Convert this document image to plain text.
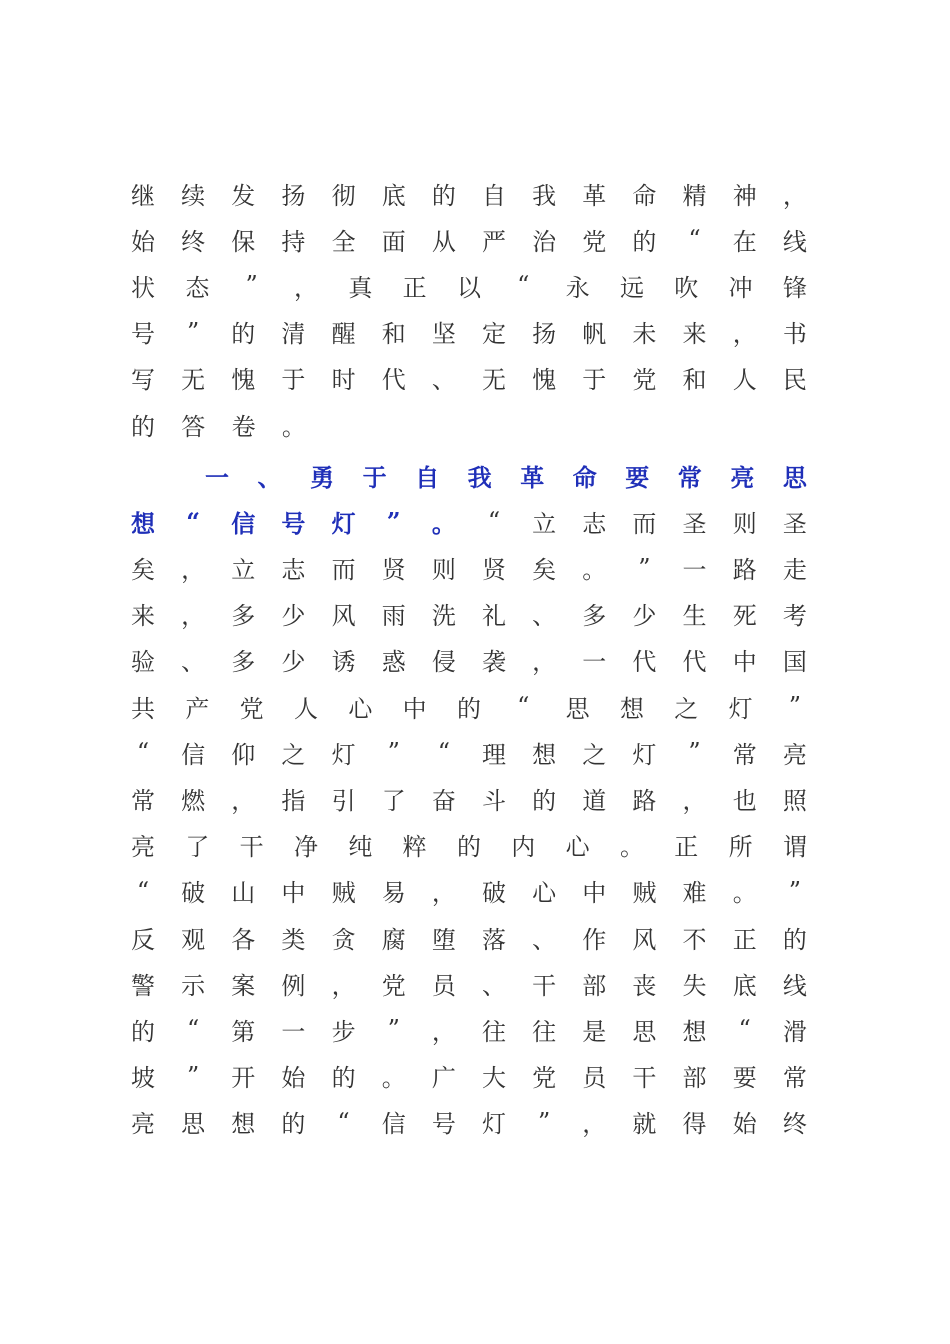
继 续 发 扬 彻 底 的 自 我 革 命 精 神 ，
始 终 保 持 全 面 从 严 治 党 的 “ 在 线
状 态 ” ， 真 正 以 “ 永 远 吹 冲 锋
号 ” 的 清 醒 和 坚 定 扬 帆 未 来 ， 书
写 无 愧 于 时 代 、 无 愧 于 党 和 人 民
的 答 卷 。
一 、 勇 于 自 我 革 命 要 常 亮 思
想 “ 信 号 灯 ” 。 “ 立 志 而 圣 则 圣
矣 ， 立 志 而 贤 则 贤 矣 。 ” 一 路 走
来 ， 多 少 风 雨 洗 礼 、 多 少 生 死 考
验 、 多 少 诱 惑 侵 袭 ， 一 代 代 中 国
共 产 党 人 心 中 的 “ 思 想 之 灯 ”
“ 信 仰 之 灯 ” “ 理 想 之 灯 ” 常 亮
常 燃 ， 指 引 了 奋 斗 的 道 路 ， 也 照
亮 了 干 净 纯 粹 的 内 心 。 正 所 谓
“ 破 山 中 贼 易 ， 破 心 中 贼 难 。 ”
反 观 各 类 贪 腐 堕 落 、 作 风 不 正 的
警 示 案 例 ， 党 员 、 干 部 丧 失 底 线
的 “ 第 一 步 ” ， 往 往 是 思 想 “ 滑
坡 ” 开 始 的 。 广 大 党 员 干 部 要 常
亮 思 想 的 “ 信 号 灯 ” ， 就 得 始 终
